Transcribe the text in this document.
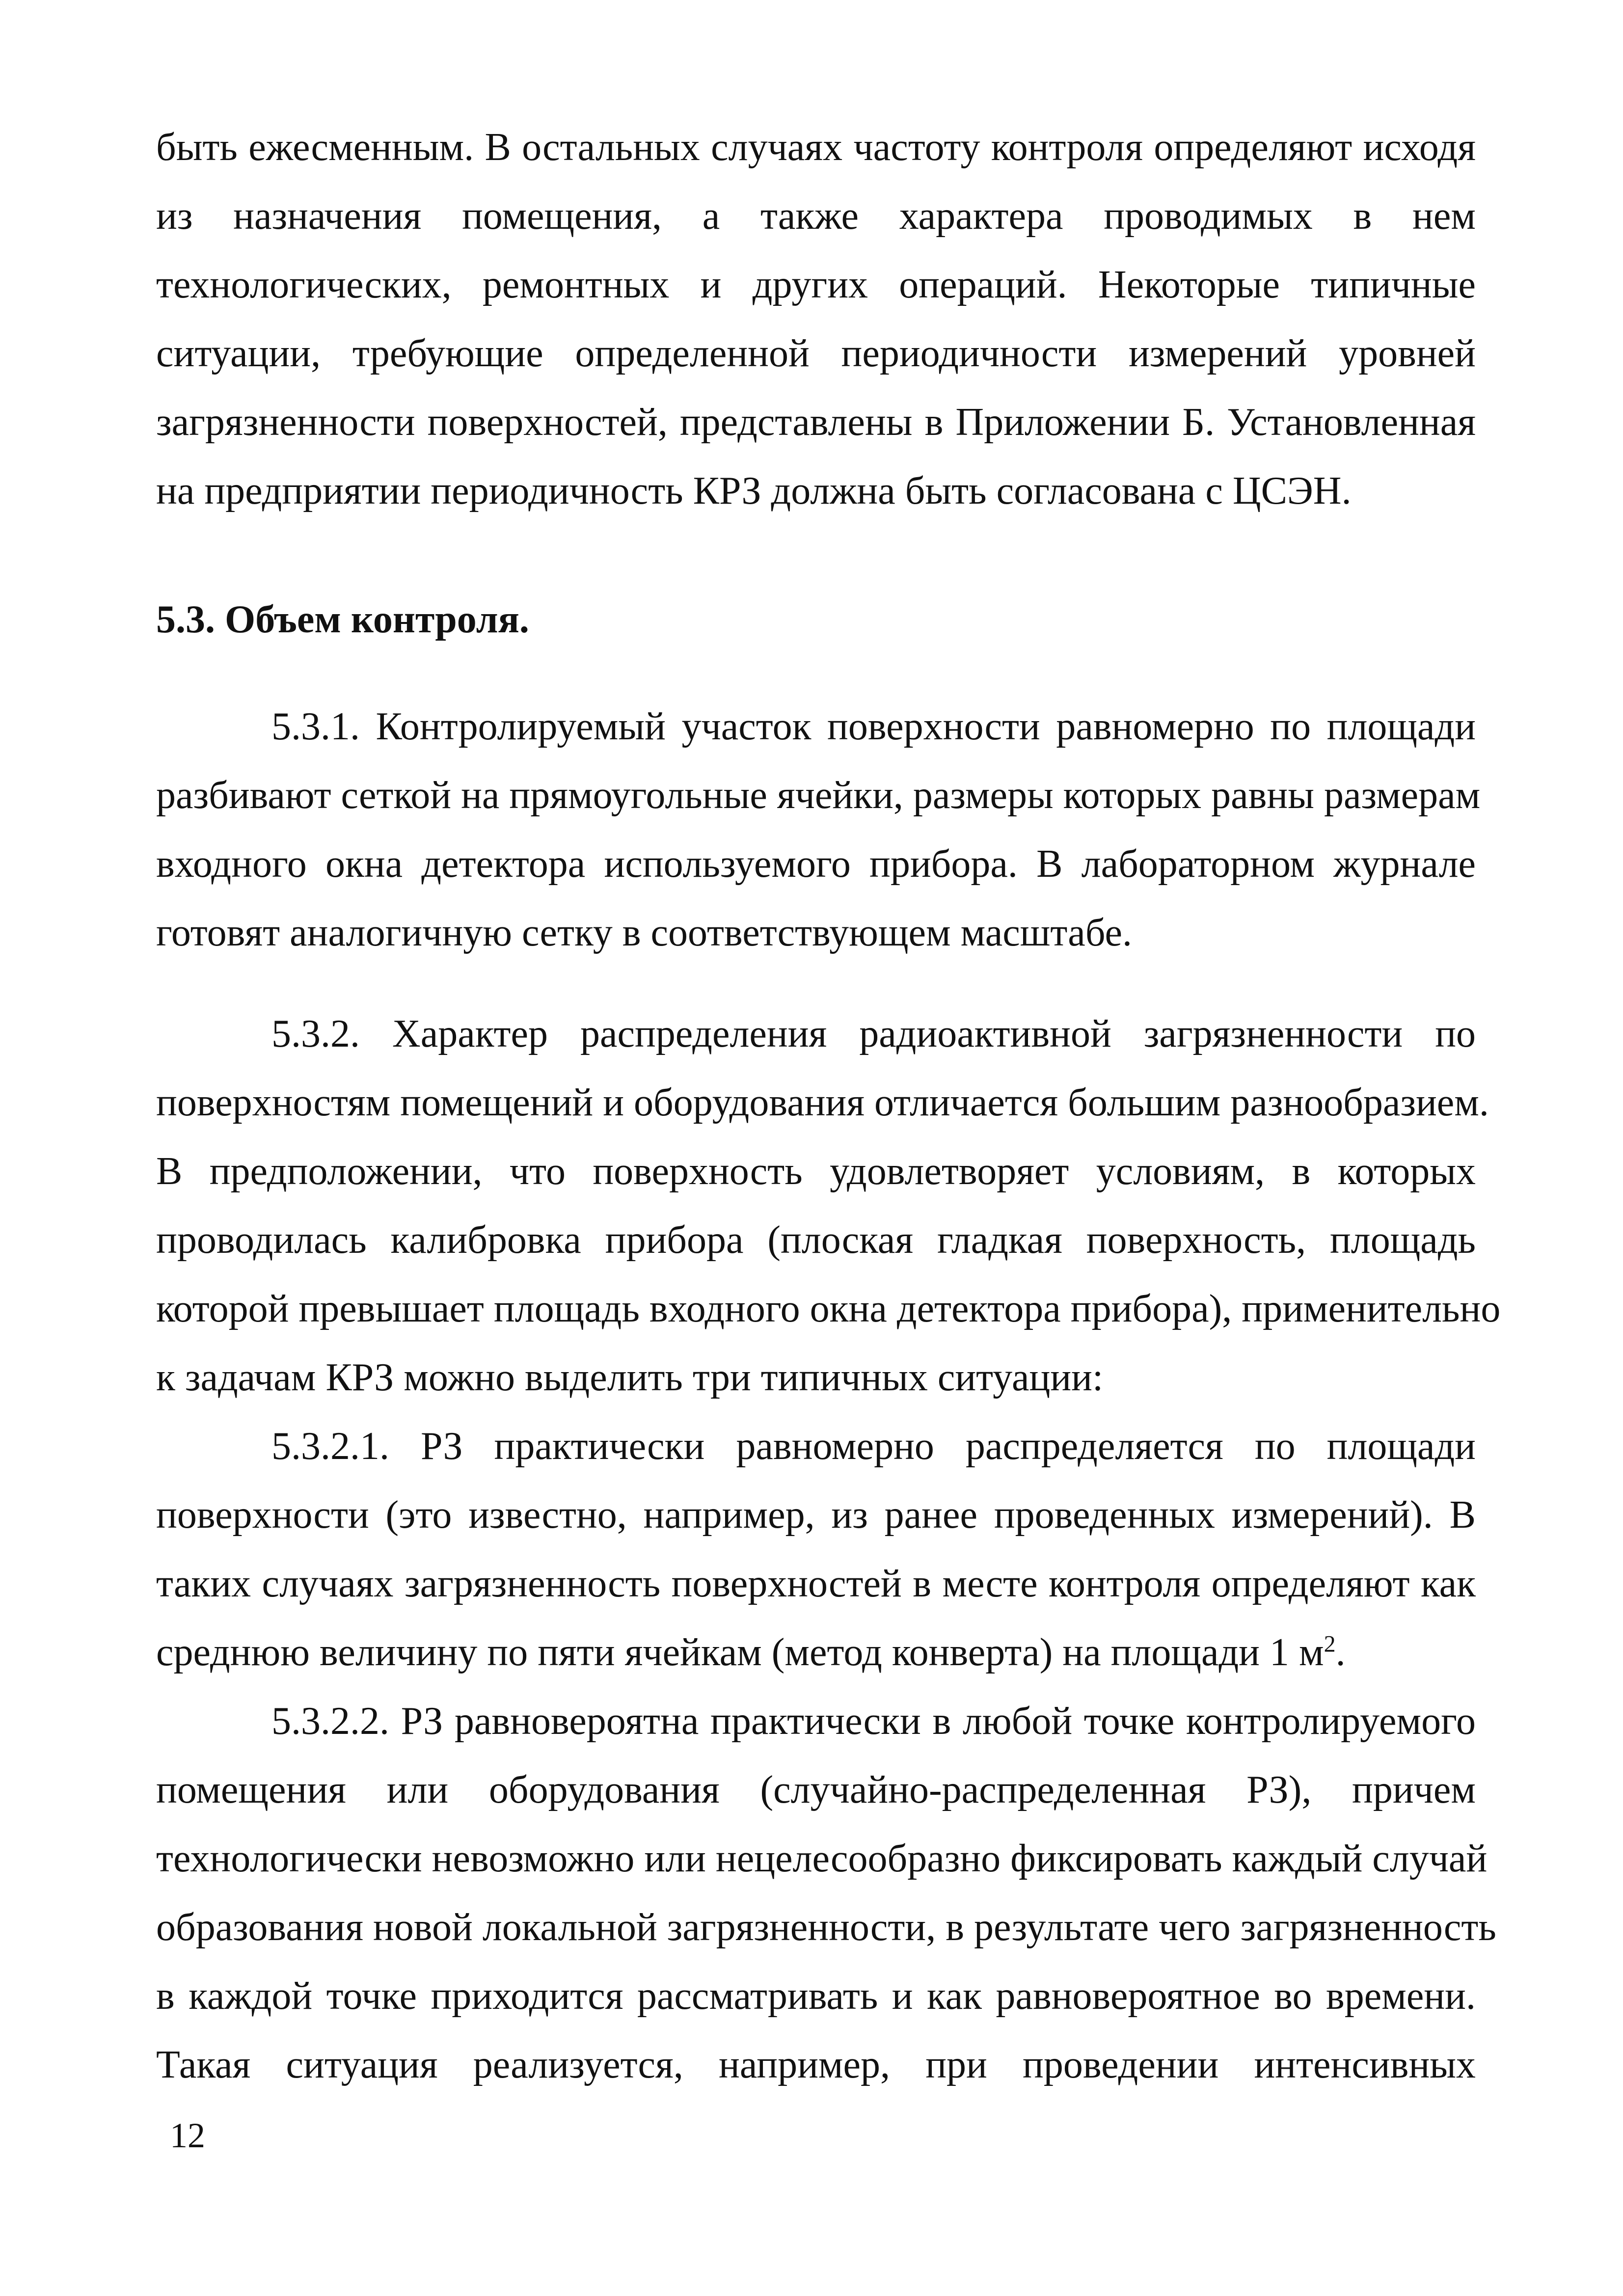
быть ежесменным. В остальных случаях частоту контроля определяют исходя
из назначения помещения, а также характера проводимых в нем
технологических, ремонтных и других операций. Некоторые типичные
ситуации, требующие определенной периодичности измерений уровней
загрязненности поверхностей, представлены в Приложении Б. Установленная
на предприятии периодичность КРЗ должна быть согласована с ЦСЭН.

5.3. Объем контроля.

5.3.1. Контролируемый участок поверхности равномерно по площади
разбивают сеткой на прямоугольные ячейки, размеры которых равны размерам
входного окна детектора используемого прибора. В лабораторном журнале
готовят аналогичную сетку в соответствующем масштабе.

5.3.2. Характер распределения радиоактивной загрязненности по
поверхностям помещений и оборудования отличается большим разнообразием.
В предположении, что поверхность удовлетворяет условиям, в которых
проводилась калибровка прибора (плоская гладкая поверхность, площадь
которой превышает площадь входного окна детектора прибора), применительно
к задачам КРЗ можно выделить три типичных ситуации:

5.3.2.1. РЗ практически равномерно распределяется по площади
поверхности (это известно, например, из ранее проведенных измерений). В
таких случаях загрязненность поверхностей в месте контроля определяют как
среднюю величину по пяти ячейкам (метод конверта) на площади 1 $м^2$.

5.3.2.2. РЗ равновероятна практически в любой точке контролируемого
помещения или оборудования (случайно-распределенная РЗ), причем
технологически невозможно или нецелесообразно фиксировать каждый случай
образования новой локальной загрязненности, в результате чего загрязненность
в каждой точке приходится рассматривать и как равновероятное во времени.
Такая ситуация реализуется, например, при проведении интенсивных

12
